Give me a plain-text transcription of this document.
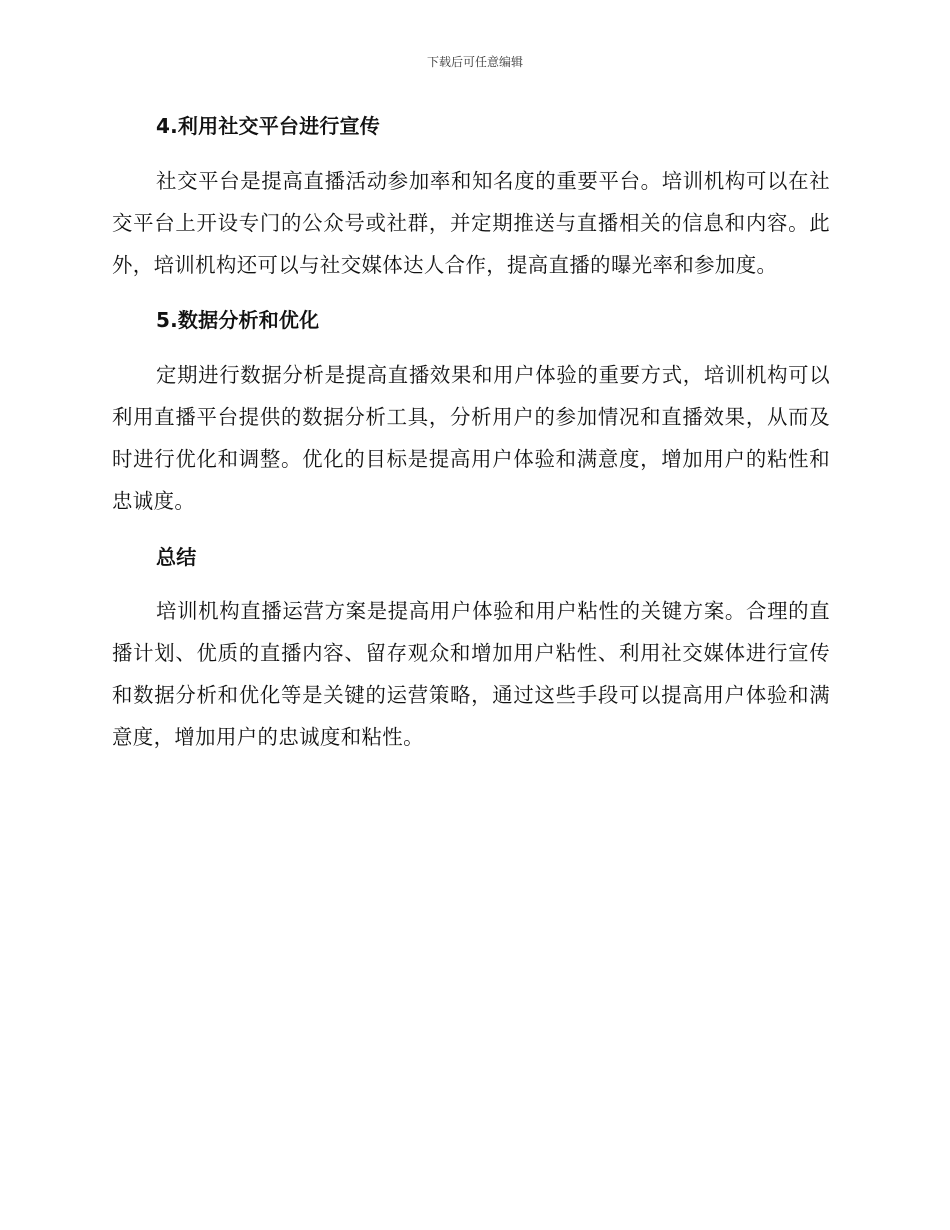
下载后可任意编辑
4.利用社交平台进行宣传

社交平台是提高直播活动参加率和知名度的重要平台。培训机构可以在社交平台上开设专门的公众号或社群，并定期推送与直播相关的信息和内容。此外，培训机构还可以与社交媒体达人合作，提高直播的曝光率和参加度。

5.数据分析和优化

定期进行数据分析是提高直播效果和用户体验的重要方式，培训机构可以利用直播平台提供的数据分析工具，分析用户的参加情况和直播效果，从而及时进行优化和调整。优化的目标是提高用户体验和满意度，增加用户的粘性和忠诚度。

总结

培训机构直播运营方案是提高用户体验和用户粘性的关键方案。合理的直播计划、优质的直播内容、留存观众和增加用户粘性、利用社交媒体进行宣传和数据分析和优化等是关键的运营策略，通过这些手段可以提高用户体验和满意度，增加用户的忠诚度和粘性。
